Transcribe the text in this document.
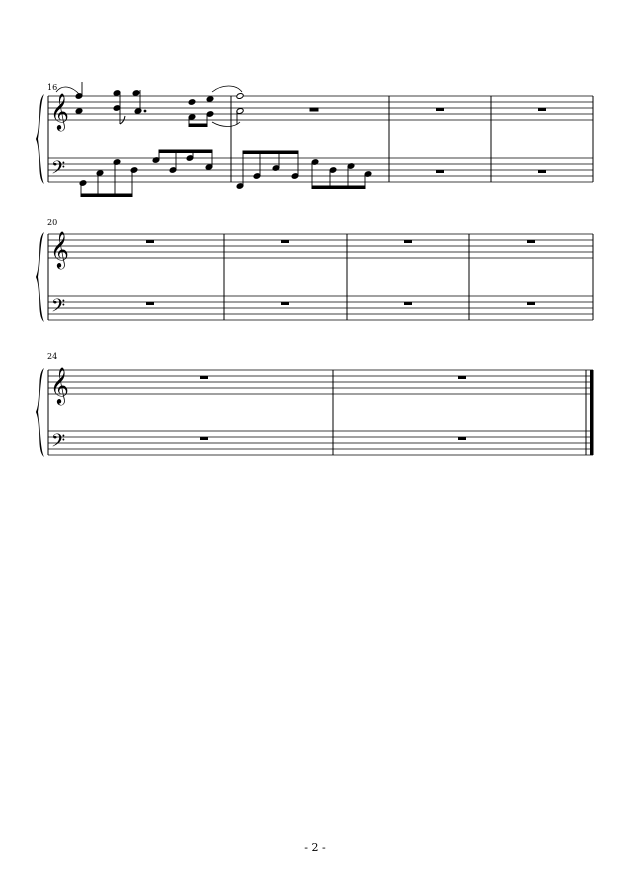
16
𝄞
𝄢
20
𝄞
𝄢
24
𝄞
𝄢
- 2 -
